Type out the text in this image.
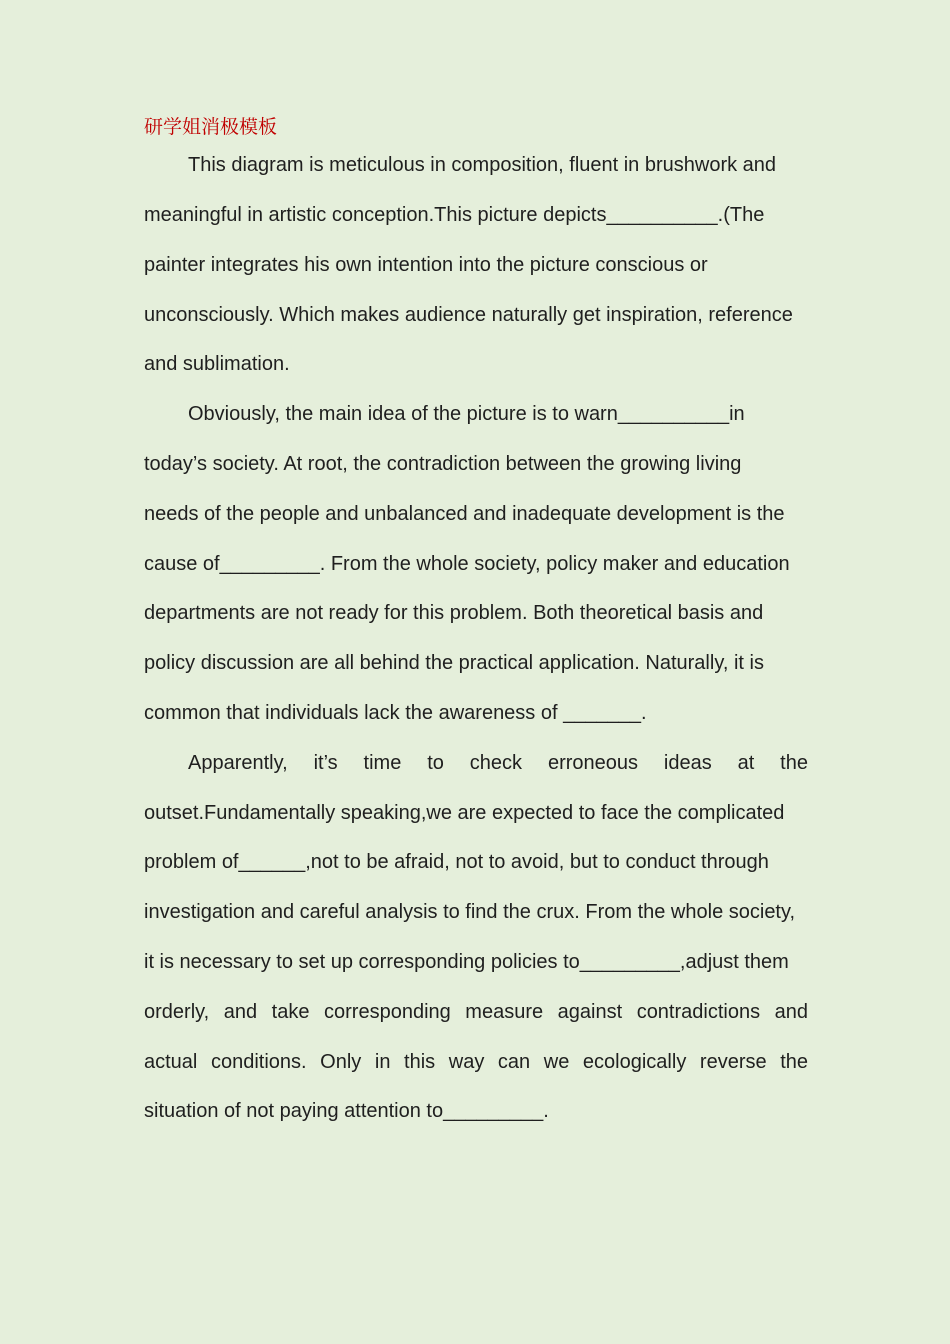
研学姐消极模板
This diagram is meticulous in composition, fluent in brushwork and
meaningful in artistic conception.This picture depicts__________.(The
painter integrates his own intention into the picture conscious or
unconsciously. Which makes audience naturally get inspiration, reference
and sublimation.
Obviously, the main idea of the picture is to warn__________in
today’s society. At root, the contradiction between the growing living
needs of the people and unbalanced and inadequate development is the
cause of_________. From the whole society, policy maker and education
departments are not ready for this problem. Both theoretical basis and
policy discussion are all behind the practical application. Naturally, it is
common that individuals lack the awareness of _______.
Apparently, it’s time to check erroneous ideas at the
outset.Fundamentally speaking,we are expected to face the complicated
problem of______,not to be afraid, not to avoid, but to conduct through
investigation and careful analysis to find the crux. From the whole society,
it is necessary to set up corresponding policies to_________,adjust them
orderly, and take corresponding measure against contradictions and
actual conditions. Only in this way can we ecologically reverse the
situation of not paying attention to_________.
